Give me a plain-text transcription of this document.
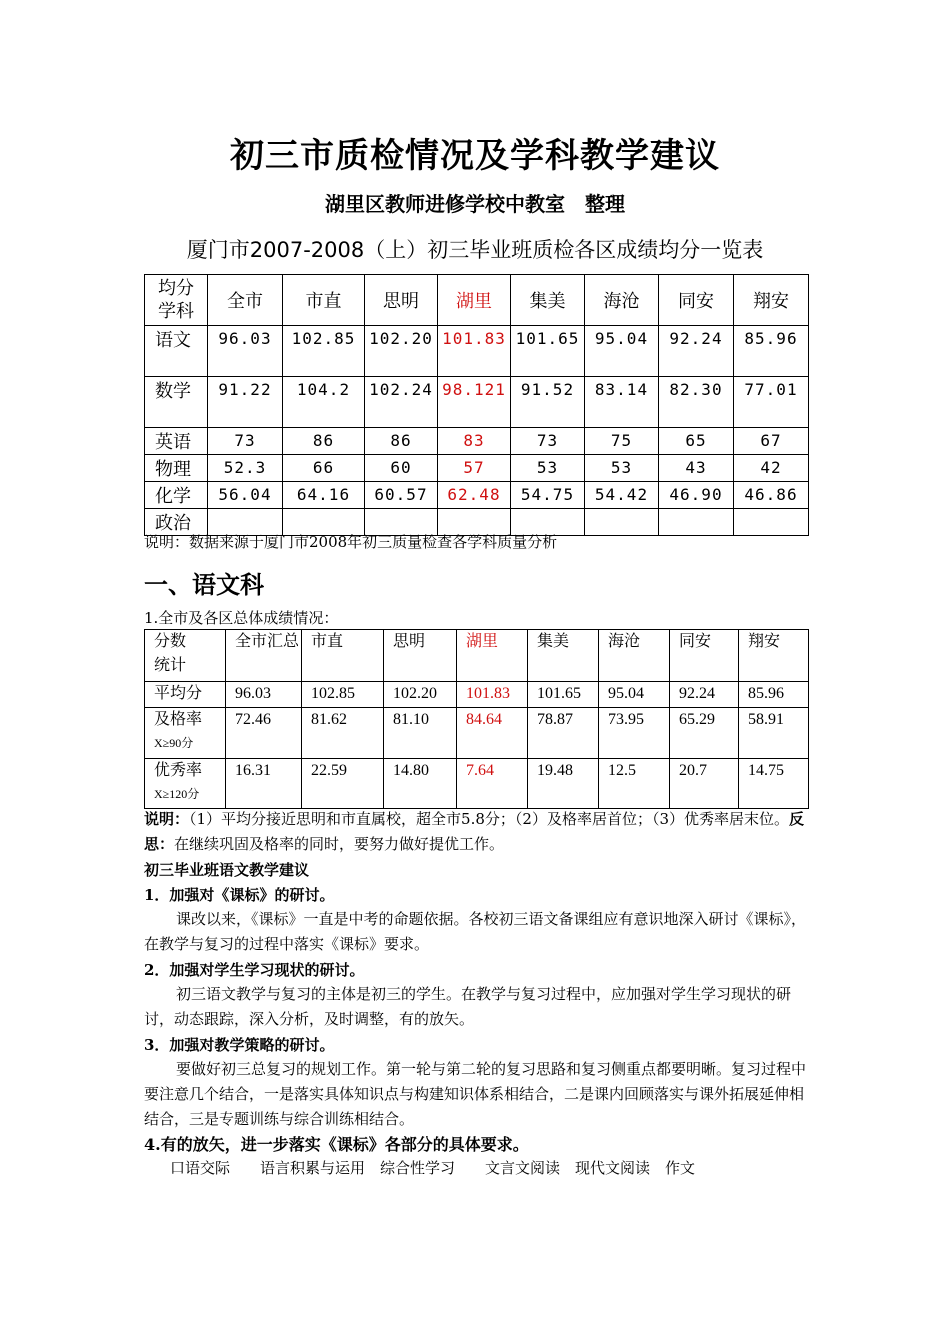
初三市质检情况及学科教学建议
湖里区教师进修学校中教室　整理
厦门市2007-2008（上）初三毕业班质检各区成绩均分一览表
均分
学科	全市	市直	思明	湖里	集美	海沧	同安	翔安
语文	96.03	102.85	102.20	101.83	101.65	95.04	92.24	85.96
数学	91.22	104.2	102.24	98.121	91.52	83.14	82.30	77.01
英语	73	86	86	83	73	75	65	67
物理	52.3	66	60	57	53	53	43	42
化学	56.04	64.16	60.57	62.48	54.75	54.42	46.90	46.86
政治								
说明：数据来源于厦门市2008年初三质量检查各学科质量分析
一、语文科
1.全市及各区总体成绩情况：
分数
统计	全市汇总	市直	思明	湖里	集美	海沧	同安	翔安
平均分	96.03	102.85	102.20	101.83	101.65	95.04	92.24	85.96

及格率
X≥90分	72.46	81.62	81.10	84.64	78.87	73.95	65.29	58.91

优秀率
X≥120分	16.31	22.59	14.80	7.64	19.48	12.5	20.7	14.75
说明：（1）平均分接近思明和市直属校，超全市5.8分；（2）及格率居首位；（3）优秀率居末位。反思：在继续巩固及格率的同时，要努力做好提优工作。
初三毕业班语文教学建议
1．加强对《课标》的研讨。
课改以来，《课标》一直是中考的命题依据。各校初三语文备课组应有意识地深入研讨《课标》，在教学与复习的过程中落实《课标》要求。
2．加强对学生学习现状的研讨。
初三语文教学与复习的主体是初三的学生。在教学与复习过程中，应加强对学生学习现状的研讨，动态跟踪，深入分析，及时调整，有的放矢。
3．加强对教学策略的研讨。
要做好初三总复习的规划工作。第一轮与第二轮的复习思路和复习侧重点都要明晰。复习过程中要注意几个结合，一是落实具体知识点与构建知识体系相结合，二是课内回顾落实与课外拓展延伸相结合，三是专题训练与综合训练相结合。
4.有的放矢，进一步落实《课标》各部分的具体要求。
口语交际　　语言积累与运用　综合性学习　　文言文阅读　现代文阅读　作文
